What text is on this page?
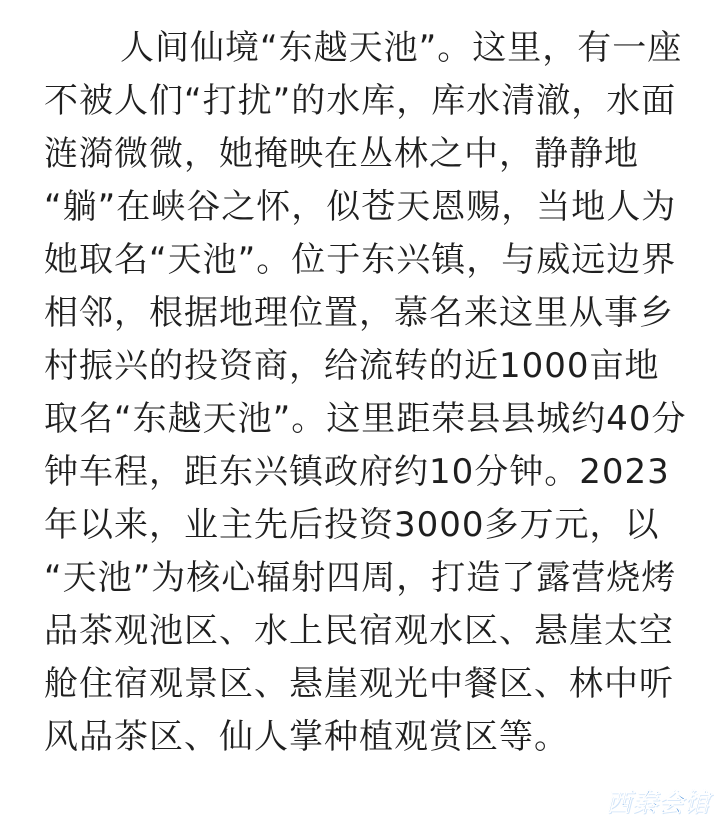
人间仙境“东越天池”。这里，有一座
不被人们“打扰”的水库，库水清澈，水面
涟漪微微，她掩映在丛林之中，静静地
“躺”在峡谷之怀，似苍天恩赐，当地人为
她取名“天池”。位于东兴镇，与威远边界
相邻，根据地理位置，慕名来这里从事乡
村振兴的投资商，给流转的近1000亩地
取名“东越天池”。这里距荣县县城约40分
钟车程，距东兴镇政府约10分钟。2023
年以来，业主先后投资3000多万元，以
“天池”为核心辐射四周，打造了露营烧烤
品茶观池区、水上民宿观水区、悬崖太空
舱住宿观景区、悬崖观光中餐区、林中听
风品茶区、仙人掌种植观赏区等。
西秦会馆
